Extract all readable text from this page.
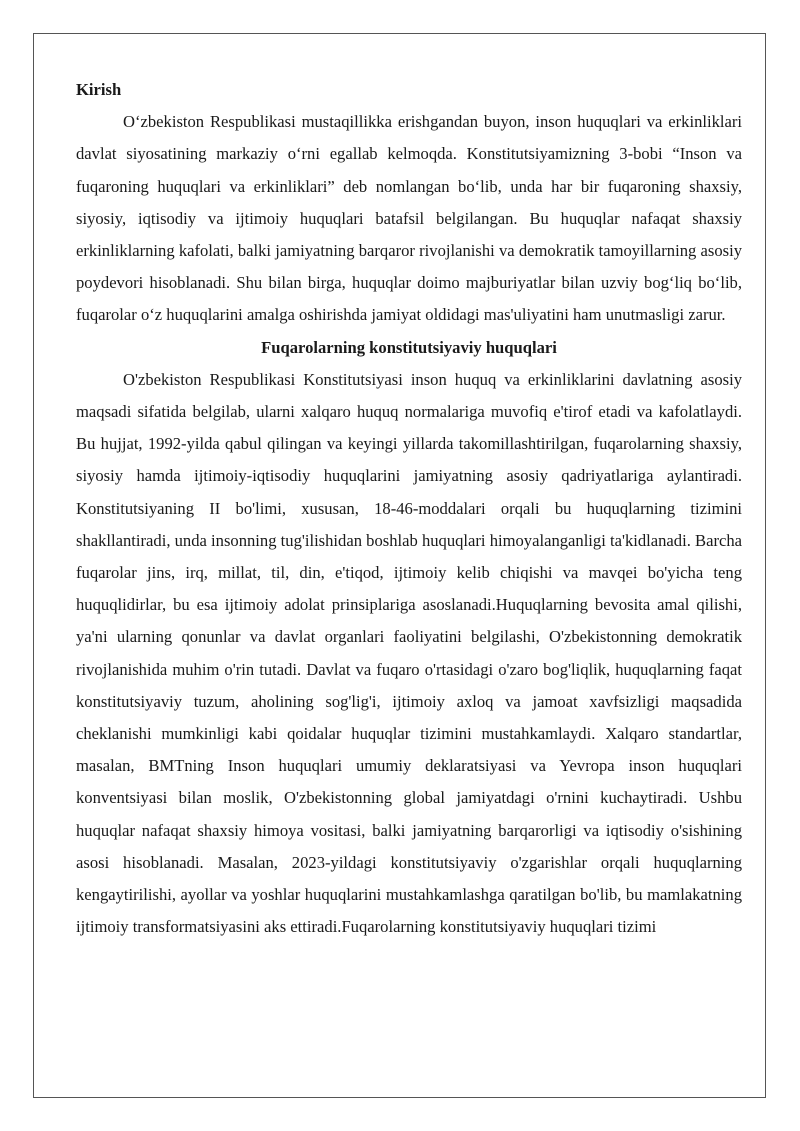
Kirish

O‘zbekiston Respublikasi mustaqillikka erishgandan buyon, inson huquqlari va erkinliklari davlat siyosatining markaziy o‘rni egallab kelmoqda. Konstitutsiyamizning 3-bobi “Inson va fuqaroning huquqlari va erkinliklari” deb nomlangan bo‘lib, unda har bir fuqaroning shaxsiy, siyosiy, iqtisodiy va ijtimoiy huquqlari batafsil belgilangan. Bu huquqlar nafaqat shaxsiy erkinliklarning kafolati, balki jamiyatning barqaror rivojlanishi va demokratik tamoyillarning asosiy poydevori hisoblanadi. Shu bilan birga, huquqlar doimo majburiyatlar bilan uzviy bog‘liq bo‘lib, fuqarolar o‘z huquqlarini amalga oshirishda jamiyat oldidagi mas'uliyatini ham unutmasligi zarur.

Fuqarolarning konstitutsiyaviy huquqlari

O'zbekiston Respublikasi Konstitutsiyasi inson huquq va erkinliklarini davlatning asosiy maqsadi sifatida belgilab, ularni xalqaro huquq normalariga muvofiq e'tirof etadi va kafolatlaydi. Bu hujjat, 1992-yilda qabul qilingan va keyingi yillarda takomillashtirilgan, fuqarolarning shaxsiy, siyosiy hamda ijtimoiy-iqtisodiy huquqlarini jamiyatning asosiy qadriyatlariga aylantiradi. Konstitutsiyaning II bo'limi, xususan, 18-46-moddalari orqali bu huquqlarning tizimini shakllantiradi, unda insonning tug'ilishidan boshlab huquqlari himoyalanganligi ta'kidlanadi. Barcha fuqarolar jins, irq, millat, til, din, e'tiqod, ijtimoiy kelib chiqishi va mavqei bo'yicha teng huquqlidirlar, bu esa ijtimoiy adolat prinsiplariga asoslanadi.Huquqlarning bevosita amal qilishi, ya'ni ularning qonunlar va davlat organlari faoliyatini belgilashi, O'zbekistonning demokratik rivojlanishida muhim o'rin tutadi. Davlat va fuqaro o'rtasidagi o'zaro bog'liqlik, huquqlarning faqat konstitutsiyaviy tuzum, aholining sog'lig'i, ijtimoiy axloq va jamoat xavfsizligi maqsadida cheklanishi mumkinligi kabi qoidalar huquqlar tizimini mustahkamlaydi. Xalqaro standartlar, masalan, BMTning Inson huquqlari umumiy deklaratsiyasi va Yevropa inson huquqlari konventsiyasi bilan moslik, O'zbekistonning global jamiyatdagi o'rnini kuchaytiradi. Ushbu huquqlar nafaqat shaxsiy himoya vositasi, balki jamiyatning barqarorligi va iqtisodiy o'sishining asosi hisoblanadi. Masalan, 2023-yildagi konstitutsiyaviy o'zgarishlar orqali huquqlarning kengaytirilishi, ayollar va yoshlar huquqlarini mustahkamlashga qaratilgan bo'lib, bu mamlakatning ijtimoiy transformatsiyasini aks ettiradi.Fuqarolarning konstitutsiyaviy huquqlari tizimi
